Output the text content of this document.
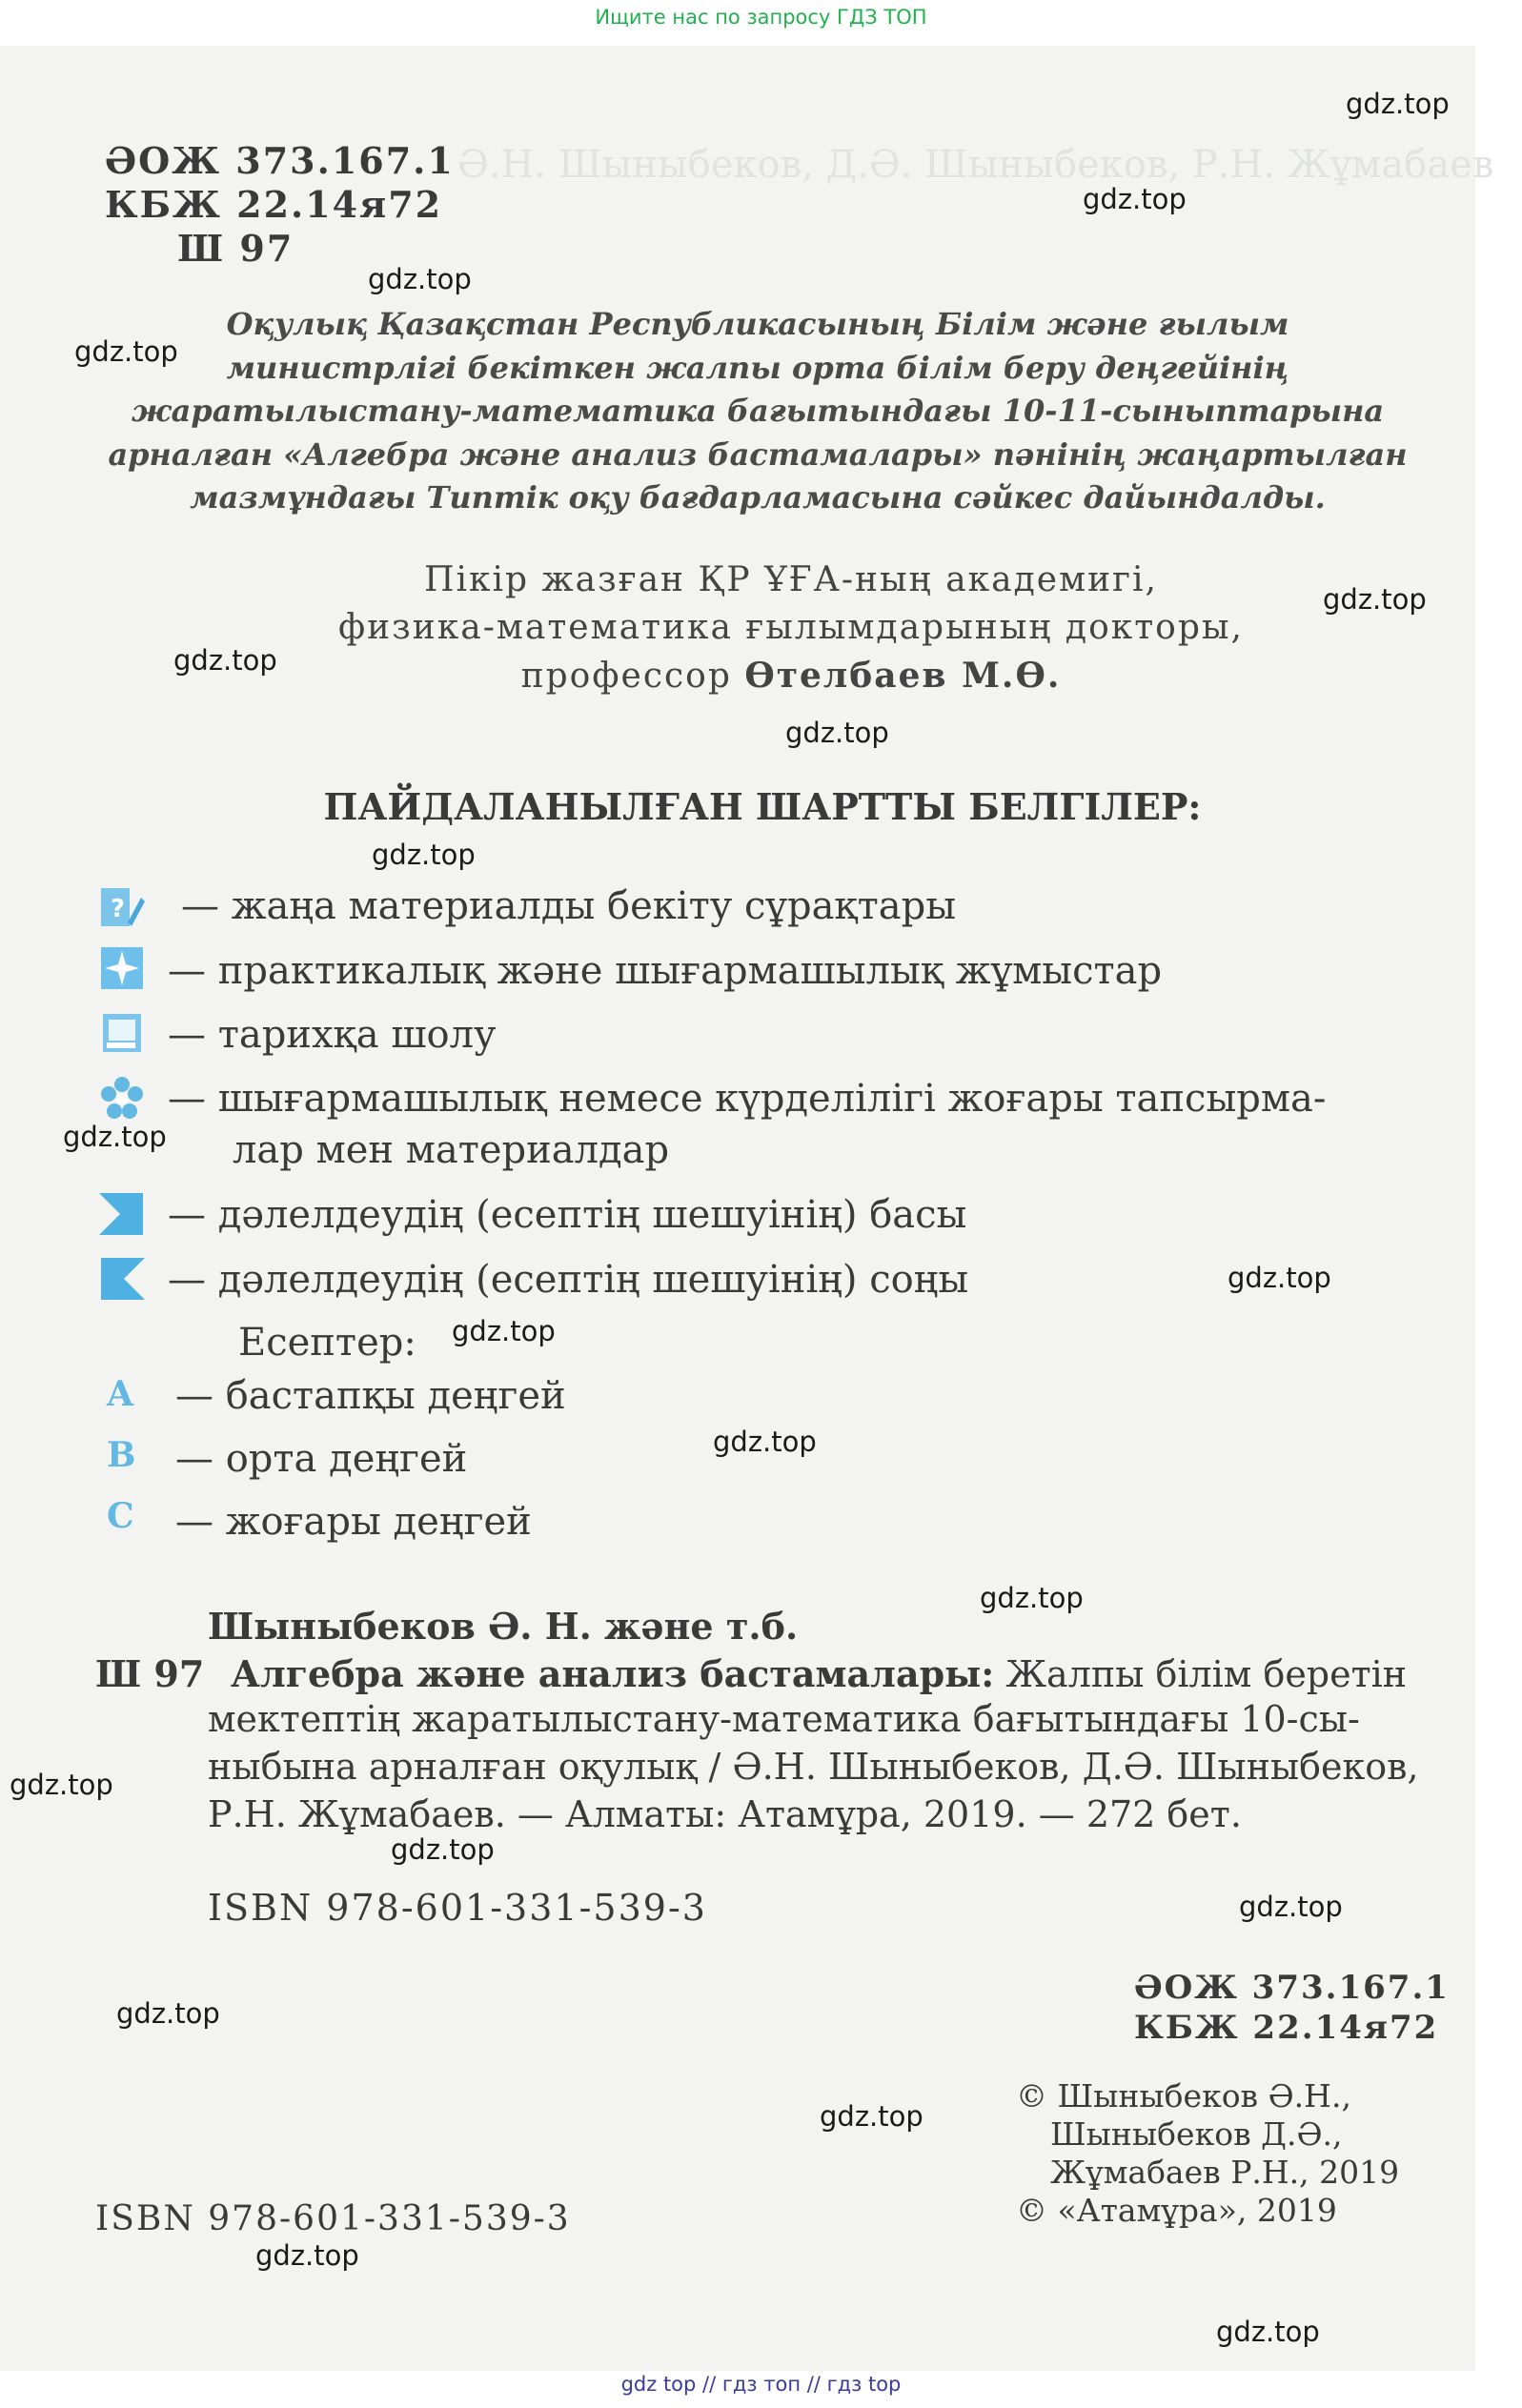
Ищите нас по запросу ГДЗ ТОП
Ә.Н. Шыныбеков, Д.Ә. Шыныбеков, Р.Н. Жұмабаев
ӘОЖ 373.167.1
КБЖ 22.14я72
Ш 97
Оқулық Қазақстан Республикасының Білім және ғылым
министрлігі бекіткен жалпы орта білім беру деңгейінің
жаратылыстану-математика бағытындағы 10-11-сыныптарына
арналған «Алгебра және анализ бастамалары» пәнінің жаңартылған
мазмұндағы Типтік оқу бағдарламасына сәйкес дайындалды.
Пікір жазған ҚР ҰҒА-ның академигі,
физика-математика ғылымдарының докторы,
профессор Өтелбаев М.Ө.
ПАЙДАЛАНЫЛҒАН ШАРТТЫ БЕЛГІЛЕР:
? — жаңа материалды бекіту сұрақтары
— практикалық және шығармашылық жұмыстар
— тарихқа шолу
— шығармашылық немесе күрделілігі жоғары тапсырма-
лар мен материалдар
— дәлелдеудің (есептің шешуінің) басы
— дәлелдеудің (есептің шешуінің) соңы
Есептер:
A — бастапқы деңгей
B — орта деңгей
C — жоғары деңгей
Шыныбеков Ә. Н. және т.б.
Ш 97 Алгебра және анализ бастамалары: Жалпы білім беретін
мектептің жаратылыстану-математика бағытындағы 10-сы-
ныбына арналған оқулық / Ә.Н. Шыныбеков, Д.Ә. Шыныбеков,
Р.Н. Жұмабаев. — Алматы: Атамұра, 2019. — 272 бет.
ISBN 978-601-331-539-3
ӘОЖ 373.167.1
КБЖ 22.14я72
© Шыныбеков Ә.Н.,
Шыныбеков Д.Ә.,
Жұмабаев Р.Н., 2019
© «Атамұра», 2019
ISBN 978-601-331-539-3
gdz.top
gdz.top
gdz.top
gdz.top
gdz.top
gdz.top
gdz.top
gdz.top
gdz.top
gdz.top
gdz.top
gdz.top
gdz.top
gdz.top
gdz.top
gdz.top
gdz.top
gdz.top
gdz.top
gdz.top
gdz top // гдз топ // гдз top
